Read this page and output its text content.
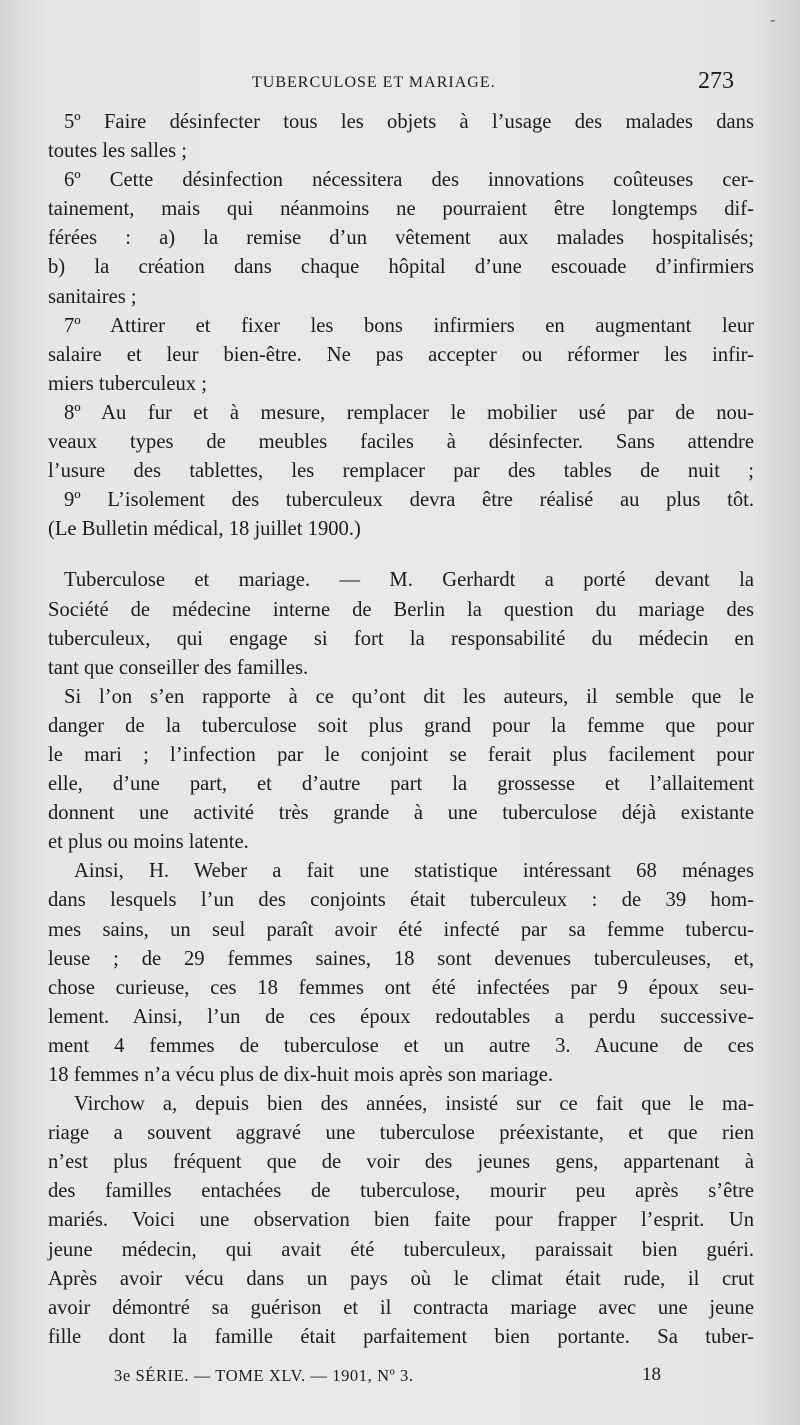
-
TUBERCULOSE ET MARIAGE.	273
5º Faire désinfecter tous les objets à l’usage des malades dans
toutes les salles ;
6º Cette désinfection nécessitera des innovations coûteuses cer-
tainement, mais qui néanmoins ne pourraient être longtemps dif-
férées : a) la remise d’un vêtement aux malades hospitalisés;
b) la création dans chaque hôpital d’une escouade d’infirmiers
sanitaires ;
7º Attirer et fixer les bons infirmiers en augmentant leur
salaire et leur bien-être. Ne pas accepter ou réformer les infir-
miers tuberculeux ;
8º Au fur et à mesure, remplacer le mobilier usé par de nou-
veaux types de meubles faciles à désinfecter. Sans attendre
l’usure des tablettes, les remplacer par des tables de nuit ;
9º L’isolement des tuberculeux devra être réalisé au plus tôt.
(Le Bulletin médical, 18 juillet 1900.)
Tuberculose et mariage. — M. Gerhardt a porté devant la
Société de médecine interne de Berlin la question du mariage des
tuberculeux, qui engage si fort la responsabilité du médecin en
tant que conseiller des familles.
Si l’on s’en rapporte à ce qu’ont dit les auteurs, il semble que le
danger de la tuberculose soit plus grand pour la femme que pour
le mari ; l’infection par le conjoint se ferait plus facilement pour
elle, d’une part, et d’autre part la grossesse et l’allaitement
donnent une activité très grande à une tuberculose déjà existante
et plus ou moins latente.
Ainsi, H. Weber a fait une statistique intéressant 68 ménages
dans lesquels l’un des conjoints était tuberculeux : de 39 hom-
mes sains, un seul paraît avoir été infecté par sa femme tubercu-
leuse ; de 29 femmes saines, 18 sont devenues tuberculeuses, et,
chose curieuse, ces 18 femmes ont été infectées par 9 époux seu-
lement. Ainsi, l’un de ces époux redoutables a perdu successive-
ment 4 femmes de tuberculose et un autre 3. Aucune de ces
18 femmes n’a vécu plus de dix-huit mois après son mariage.
Virchow a, depuis bien des années, insisté sur ce fait que le ma-
riage a souvent aggravé une tuberculose préexistante, et que rien
n’est plus fréquent que de voir des jeunes gens, appartenant à
des familles entachées de tuberculose, mourir peu après s’être
mariés. Voici une observation bien faite pour frapper l’esprit. Un
jeune médecin, qui avait été tuberculeux, paraissait bien guéri.
Après avoir vécu dans un pays où le climat était rude, il crut
avoir démontré sa guérison et il contracta mariage avec une jeune
fille dont la famille était parfaitement bien portante. Sa tuber-
3e SÉRIE. — TOME XLV. — 1901, Nº 3.	18
